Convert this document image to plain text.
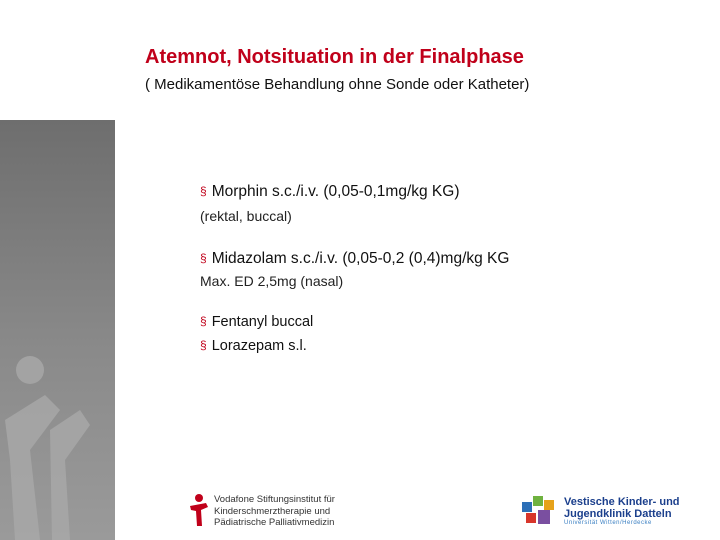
Atemnot, Notsituation in der Finalphase
( Medikamentöse Behandlung ohne Sonde oder Katheter)
§ Morphin s.c./i.v. (0,05-0,1mg/kg KG)
(rektal, buccal)
§ Midazolam s.c./i.v. (0,05-0,2 (0,4)mg/kg KG
Max. ED 2,5mg (nasal)
§ Fentanyl buccal
§ Lorazepam s.l.
Vodafone Stiftungsinstitut für
Kinderschmerztherapie und
Pädiatrische Palliativmedizin
Vestische Kinder- und
Jugendklinik Datteln
Universität Witten/Herdecke
